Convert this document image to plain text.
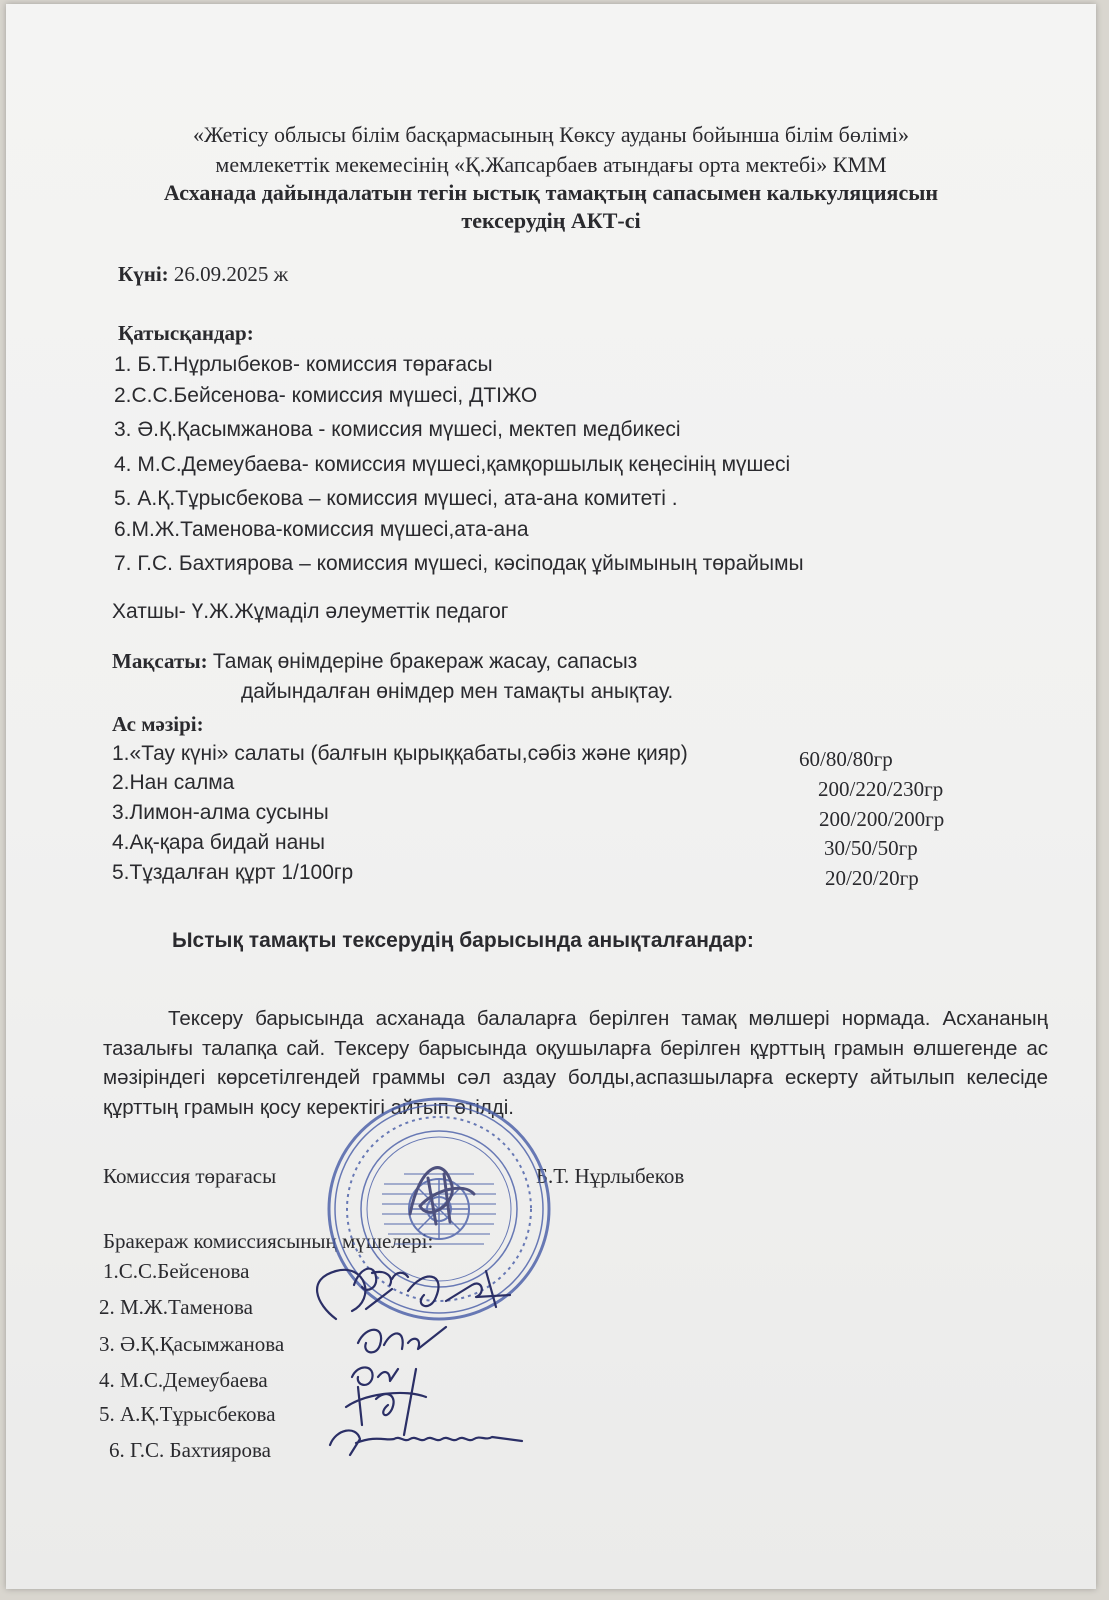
«Жетісу облысы білім басқармасының Көксу ауданы бойынша білім бөлімі»
мемлекеттік мекемесінің «Қ.Жапсарбаев атындағы орта мектебі» КММ
Асханада дайындалатын тегін ыстық тамақтың сапасымен калькуляциясын
тексерудің АКТ-сі
Күні: 26.09.2025 ж
Қатысқандар:
1. Б.Т.Нұрлыбеков- комиссия төрағасы
2.С.С.Бейсенова- комиссия мүшесі, ДТІЖО
3. Ә.Қ.Қасымжанова - комиссия мүшесі, мектеп медбикесі
4. М.С.Демеубаева- комиссия мүшесі,қамқоршылық кеңесінің мүшесі
5. А.Қ.Тұрысбекова – комиссия мүшесі, ата-ана комитеті .
6.М.Ж.Таменова-комиссия мүшесі,ата-ана
7. Г.С. Бахтиярова – комиссия мүшесі, кәсіподақ ұйымының төрайымы
Хатшы- Ү.Ж.Жұмаділ әлеуметтік педагог
Мақсаты: Тамақ өнімдеріне бракераж жасау, сапасыз
дайындалған өнімдер мен тамақты анықтау.
Ас мәзірі:
1.«Тау күні» салаты (балғын қырыққабаты,сәбіз және қияр)	60/80/80гр
2.Нан салма	200/220/230гр
3.Лимон-алма сусыны	200/200/200гр
4.Ақ-қара бидай наны	30/50/50гр
5.Тұздалған құрт 1/100гр	20/20/20гр
Ыстық тамақты тексерудің барысында анықталғандар:
Тексеру барысында асханада балаларға берілген тамақ мөлшері нормада. Асхананың тазалығы талапқа сай. Тексеру барысында оқушыларға берілген құрттың грамын өлшегенде ас мәзіріндегі көрсетілгендей граммы сәл аздау болды,аспазшыларға ескерту айтылып келесіде құрттың грамын қосу керектігі айтып өтілді.
Комиссия төрағасы	Б.Т. Нұрлыбеков
Бракераж комиссиясының мүшелері:
1.С.С.Бейсенова
2. М.Ж.Таменова
3. Ә.Қ.Қасымжанова
4. М.С.Демеубаева
5. А.Қ.Тұрысбекова
6. Г.С. Бахтиярова
